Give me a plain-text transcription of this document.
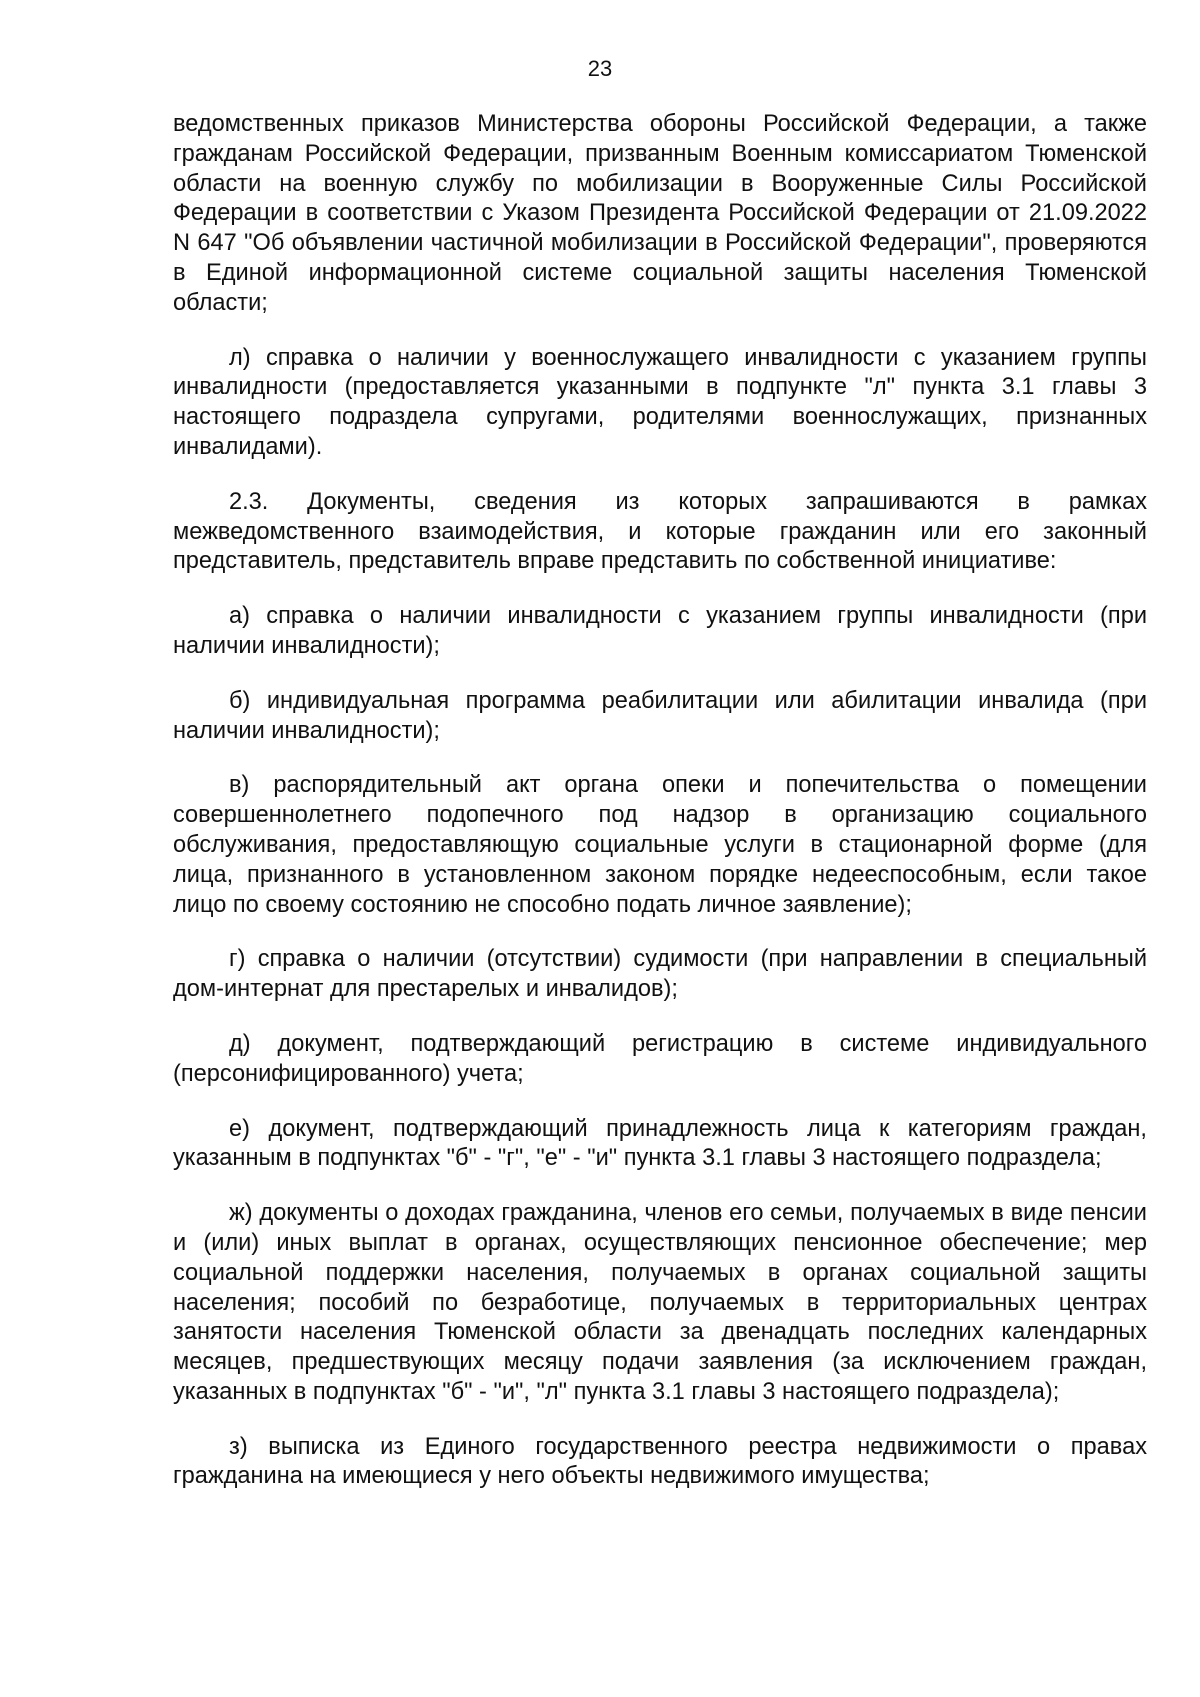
23

ведомственных приказов Министерства обороны Российской Федерации, а также гражданам Российской Федерации, призванным Военным комиссариатом Тюменской области на военную службу по мобилизации в Вооруженные Силы Российской Федерации в соответствии с Указом Президента Российской Федерации от 21.09.2022 N 647 "Об объявлении частичной мобилизации в Российской Федерации", проверяются в Единой информационной системе социальной защиты населения Тюменской области;

л) справка о наличии у военнослужащего инвалидности с указанием группы инвалидности (предоставляется указанными в подпункте "л" пункта 3.1 главы 3 настоящего подраздела супругами, родителями военнослужащих, признанных инвалидами).

2.3. Документы, сведения из которых запрашиваются в рамках межведомственного взаимодействия, и которые гражданин или его законный представитель, представитель вправе представить по собственной инициативе:

а) справка о наличии инвалидности с указанием группы инвалидности (при наличии инвалидности);

б) индивидуальная программа реабилитации или абилитации инвалида (при наличии инвалидности);

в) распорядительный акт органа опеки и попечительства о помещении совершеннолетнего подопечного под надзор в организацию социального обслуживания, предоставляющую социальные услуги в стационарной форме (для лица, признанного в установленном законом порядке недееспособным, если такое лицо по своему состоянию не способно подать личное заявление);

г) справка о наличии (отсутствии) судимости (при направлении в специальный дом-интернат для престарелых и инвалидов);

д) документ, подтверждающий регистрацию в системе индивидуального (персонифицированного) учета;

е) документ, подтверждающий принадлежность лица к категориям граждан, указанным в подпунктах "б" - "г", "е" - "и" пункта 3.1 главы 3 настоящего подраздела;

ж) документы о доходах гражданина, членов его семьи, получаемых в виде пенсии и (или) иных выплат в органах, осуществляющих пенсионное обеспечение; мер социальной поддержки населения, получаемых в органах социальной защиты населения; пособий по безработице, получаемых в территориальных центрах занятости населения Тюменской области за двенадцать последних календарных месяцев, предшествующих месяцу подачи заявления (за исключением граждан, указанных в подпунктах "б" - "и", "л" пункта 3.1 главы 3 настоящего подраздела);

з) выписка из Единого государственного реестра недвижимости о правах гражданина на имеющиеся у него объекты недвижимого имущества;
